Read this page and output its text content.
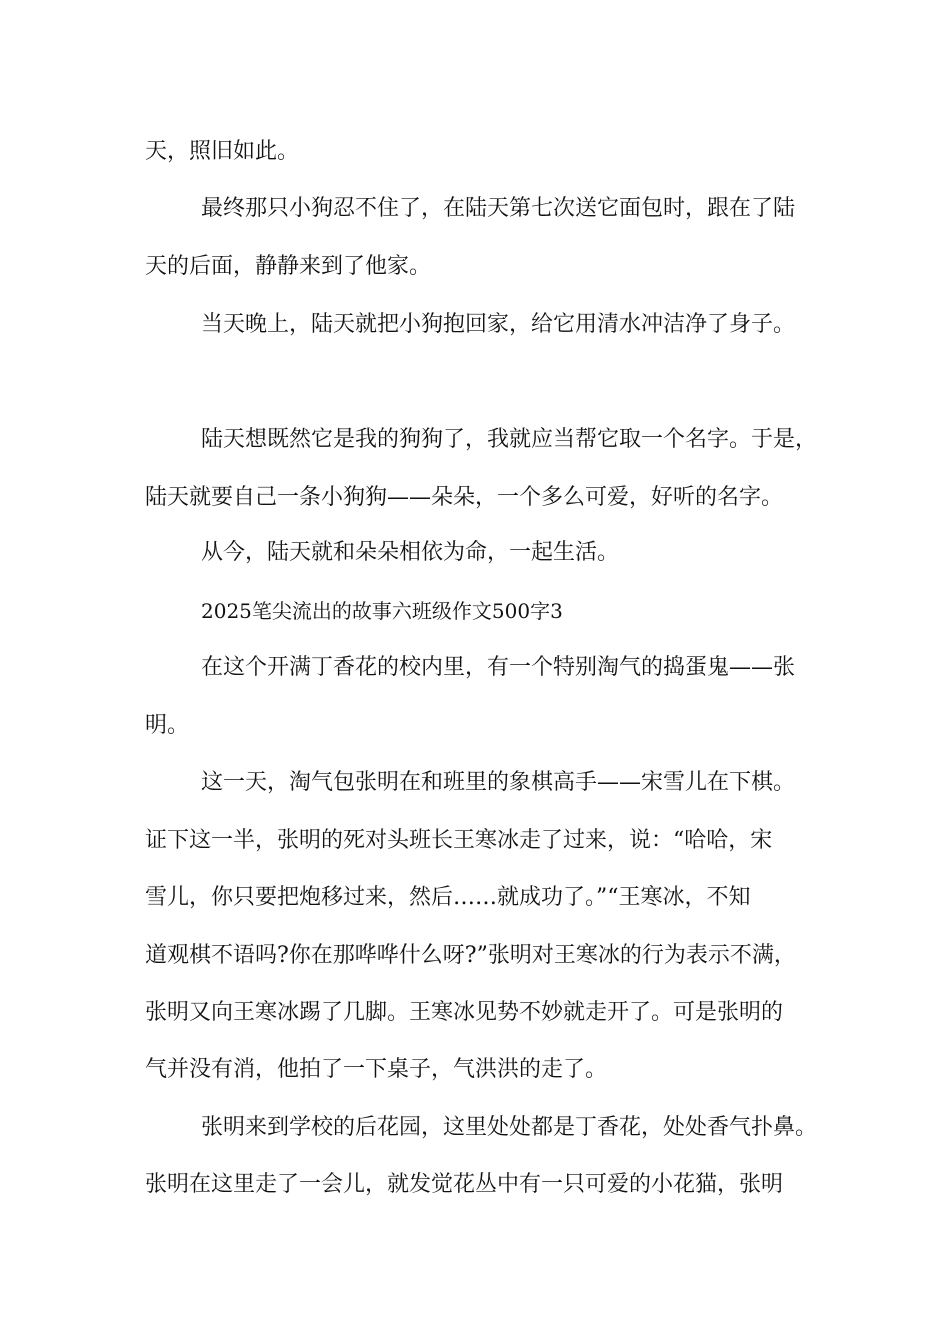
天，照旧如此。
最终那只小狗忍不住了，在陆天第七次送它面包时，跟在了陆
天的后面，静静来到了他家。
当天晚上，陆天就把小狗抱回家，给它用清水冲洁净了身子。
陆天想既然它是我的狗狗了，我就应当帮它取一个名字。于是，
陆天就要自己一条小狗狗——朵朵，一个多么可爱，好听的名字。
从今，陆天就和朵朵相依为命，一起生活。
2025笔尖流出的故事六班级作文500字3
在这个开满丁香花的校内里，有一个特别淘气的捣蛋鬼——张
明。
这一天，淘气包张明在和班里的象棋高手——宋雪儿在下棋。
证下这一半，张明的死对头班长王寒冰走了过来，说：“哈哈，宋
雪儿，你只要把炮移过来，然后……就成功了。”“王寒冰，不知
道观棋不语吗?你在那哗哗什么呀?”张明对王寒冰的行为表示不满，
张明又向王寒冰踢了几脚。王寒冰见势不妙就走开了。可是张明的
气并没有消，他拍了一下桌子，气洪洪的走了。
张明来到学校的后花园，这里处处都是丁香花，处处香气扑鼻。
张明在这里走了一会儿，就发觉花丛中有一只可爱的小花猫，张明
